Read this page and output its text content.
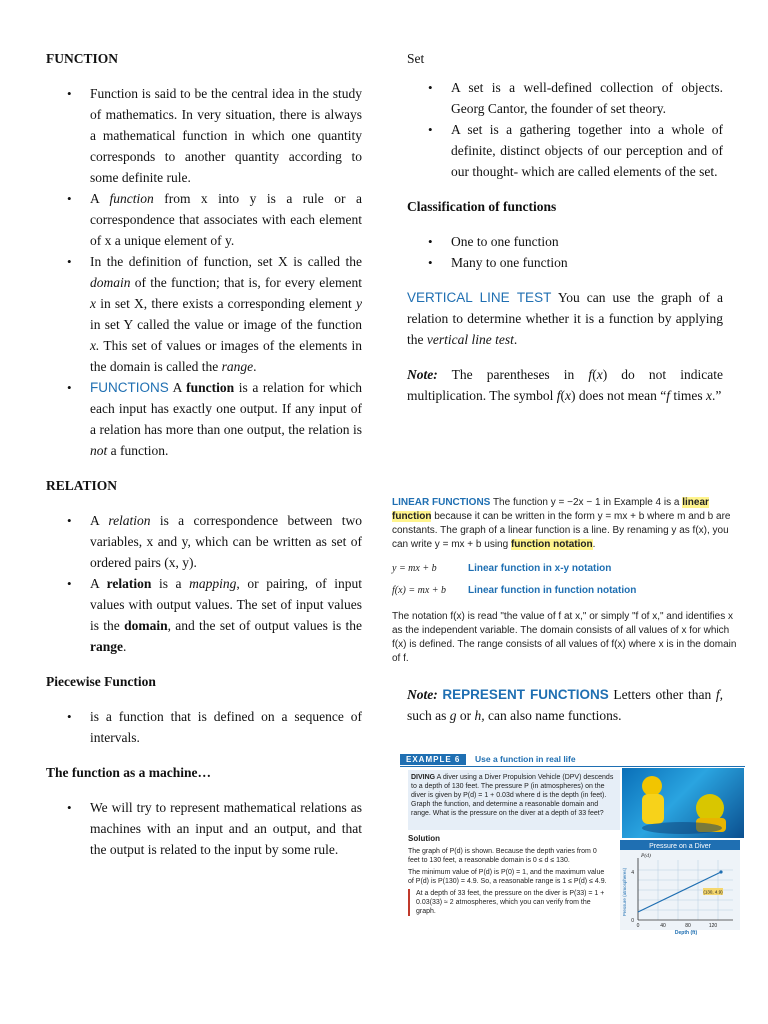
FUNCTION
• Function is said to be the central idea in the study of mathematics. In very situation, there is always a mathematical function in which one quantity corresponds to another quantity according to some definite rule.
• A function from x into y is a rule or a correspondence that associates with each element of x a unique element of y.
• In the definition of function, set X is called the domain of the function; that is, for every element x in set X, there exists a corresponding element y in set Y called the value or image of the function x. This set of values or images of the elements in the domain is called the range.
• FUNCTIONS A function is a relation for which each input has exactly one output. If any input of a relation has more than one output, the relation is not a function.
RELATION
• A relation is a correspondence between two variables, x and y, which can be written as set of ordered pairs (x, y).
• A relation is a mapping, or pairing, of input values with output values. The set of input values is the domain, and the set of output values is the range.
Piecewise Function
• is a function that is defined on a sequence of intervals.
The function as a machine…
• We will try to represent mathematical relations as machines with an input and an output, and that the output is related to the input by some rule.

Set

• A set is a well-defined collection of objects. Georg Cantor, the founder of set theory.
• A set is a gathering together into a whole of definite, distinct objects of our perception and of our thought- which are called elements of the set.
Classification of functions
• One to one function
• Many to one function

VERTICAL LINE TEST You can use the graph of a relation to determine whether it is a function by applying the vertical line test.

Note: The parentheses in f(x) do not indicate multiplication. The symbol f(x) does not mean “f times x.”

Note: REPRESENT FUNCTIONS Letters other than f, such as g or h, can also name functions.

LINEAR FUNCTIONS The function y = −2x − 1 in Example 4 is a linear function because it can be written in the form y = mx + b where m and b are constants. The graph of a linear function is a line. By renaming y as f(x), you can write y = mx + b using function notation.
y = mx + b	Linear function in x-y notation
f(x) = mx + b	Linear function in function notation
The notation f(x) is read "the value of f at x," or simply "f of x," and identifies x as the independent variable. The domain consists of all values of x for which f(x) is defined. The range consists of all values of f(x) where x is in the domain of f.
EXAMPLE 6	Use a function in real life
DIVING A diver using a Diver Propulsion Vehicle (DPV) descends to a depth of 130 feet. The pressure P (in atmospheres) on the diver is given by P(d) = 1 + 0.03d where d is the depth (in feet). Graph the function, and determine a reasonable domain and range. What is the pressure on the diver at a depth of 33 feet?
Solution
The graph of P(d) is shown. Because the depth varies from 0 feet to 130 feet, a reasonable domain is 0 ≤ d ≤ 130.
The minimum value of P(d) is P(0) = 1, and the maximum value of P(d) is P(130) = 4.9. So, a reasonable range is 1 ≤ P(d) ≤ 4.9.
At a depth of 33 feet, the pressure on the diver is P(33) = 1 + 0.03(33) ≈ 2 atmospheres, which you can verify from the graph.
Pressure on a Diver
P(d)
(130, 4.9)
4
0
0	40	80	120
Depth (ft)
Pressure (atmospheres)
